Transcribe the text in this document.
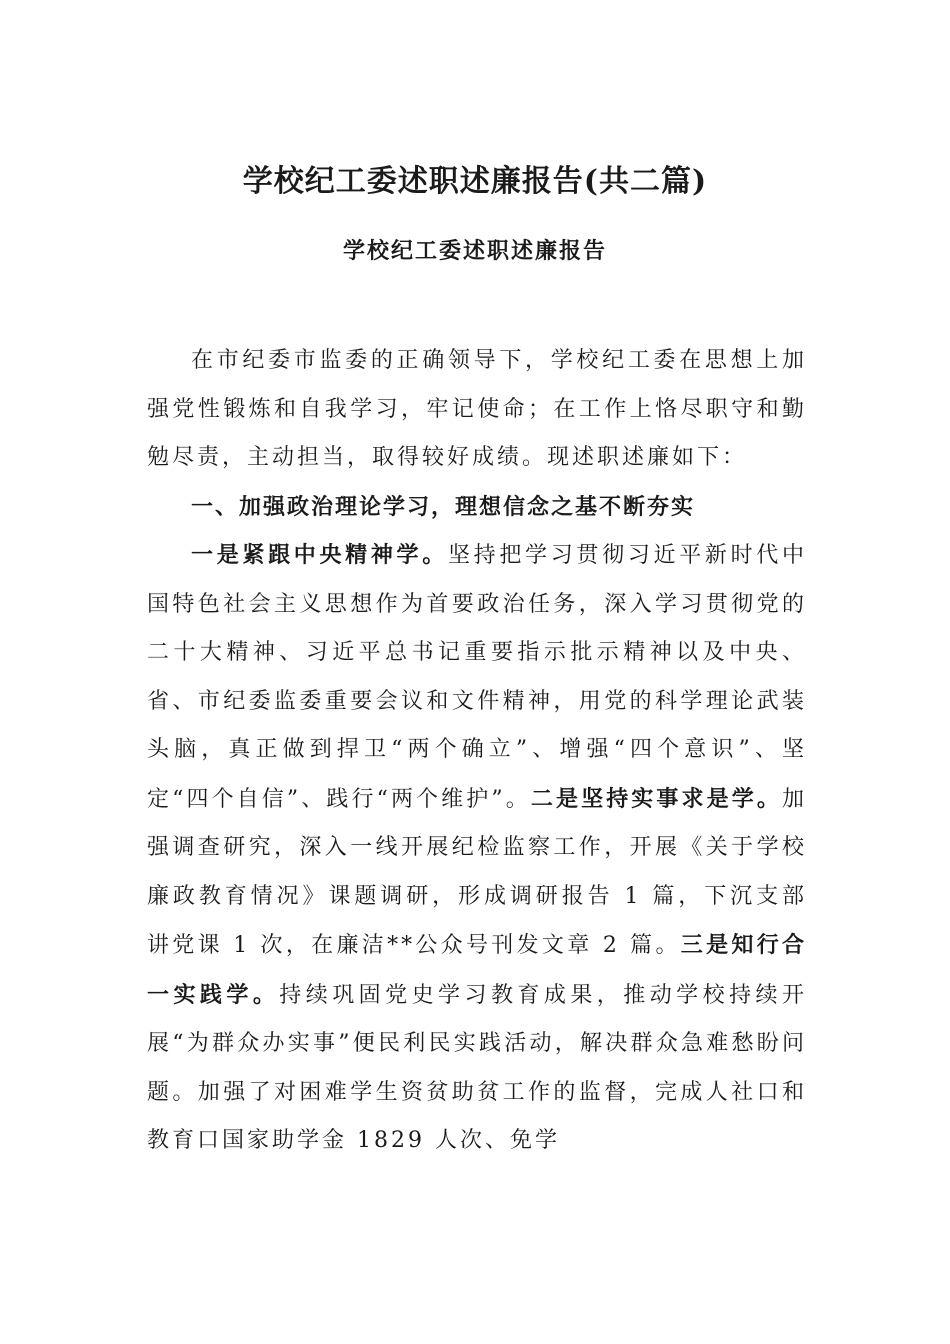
学校纪工委述职述廉报告(共二篇)
学校纪工委述职述廉报告

在市纪委市监委的正确领导下，学校纪工委在思想上加强党性锻炼和自我学习，牢记使命；在工作上恪尽职守和勤勉尽责，主动担当，取得较好成绩。现述职述廉如下：

一、加强政治理论学习，理想信念之基不断夯实

一是紧跟中央精神学。坚持把学习贯彻习近平新时代中国特色社会主义思想作为首要政治任务，深入学习贯彻党的二十大精神、习近平总书记重要指示批示精神以及中央、省、市纪委监委重要会议和文件精神，用党的科学理论武装头脑，真正做到捍卫“两个确立”、增强“四个意识”、坚定“四个自信”、践行“两个维护”。二是坚持实事求是学。加强调查研究，深入一线开展纪检监察工作，开展《关于学校廉政教育情况》课题调研，形成调研报告 1 篇，下沉支部讲党课 1 次，在廉洁**公众号刊发文章 2 篇。三是知行合一实践学。持续巩固党史学习教育成果，推动学校持续开展“为群众办实事”便民利民实践活动，解决群众急难愁盼问题。加强了对困难学生资贫助贫工作的监督，完成人社口和教育口国家助学金 1829 人次、免学
